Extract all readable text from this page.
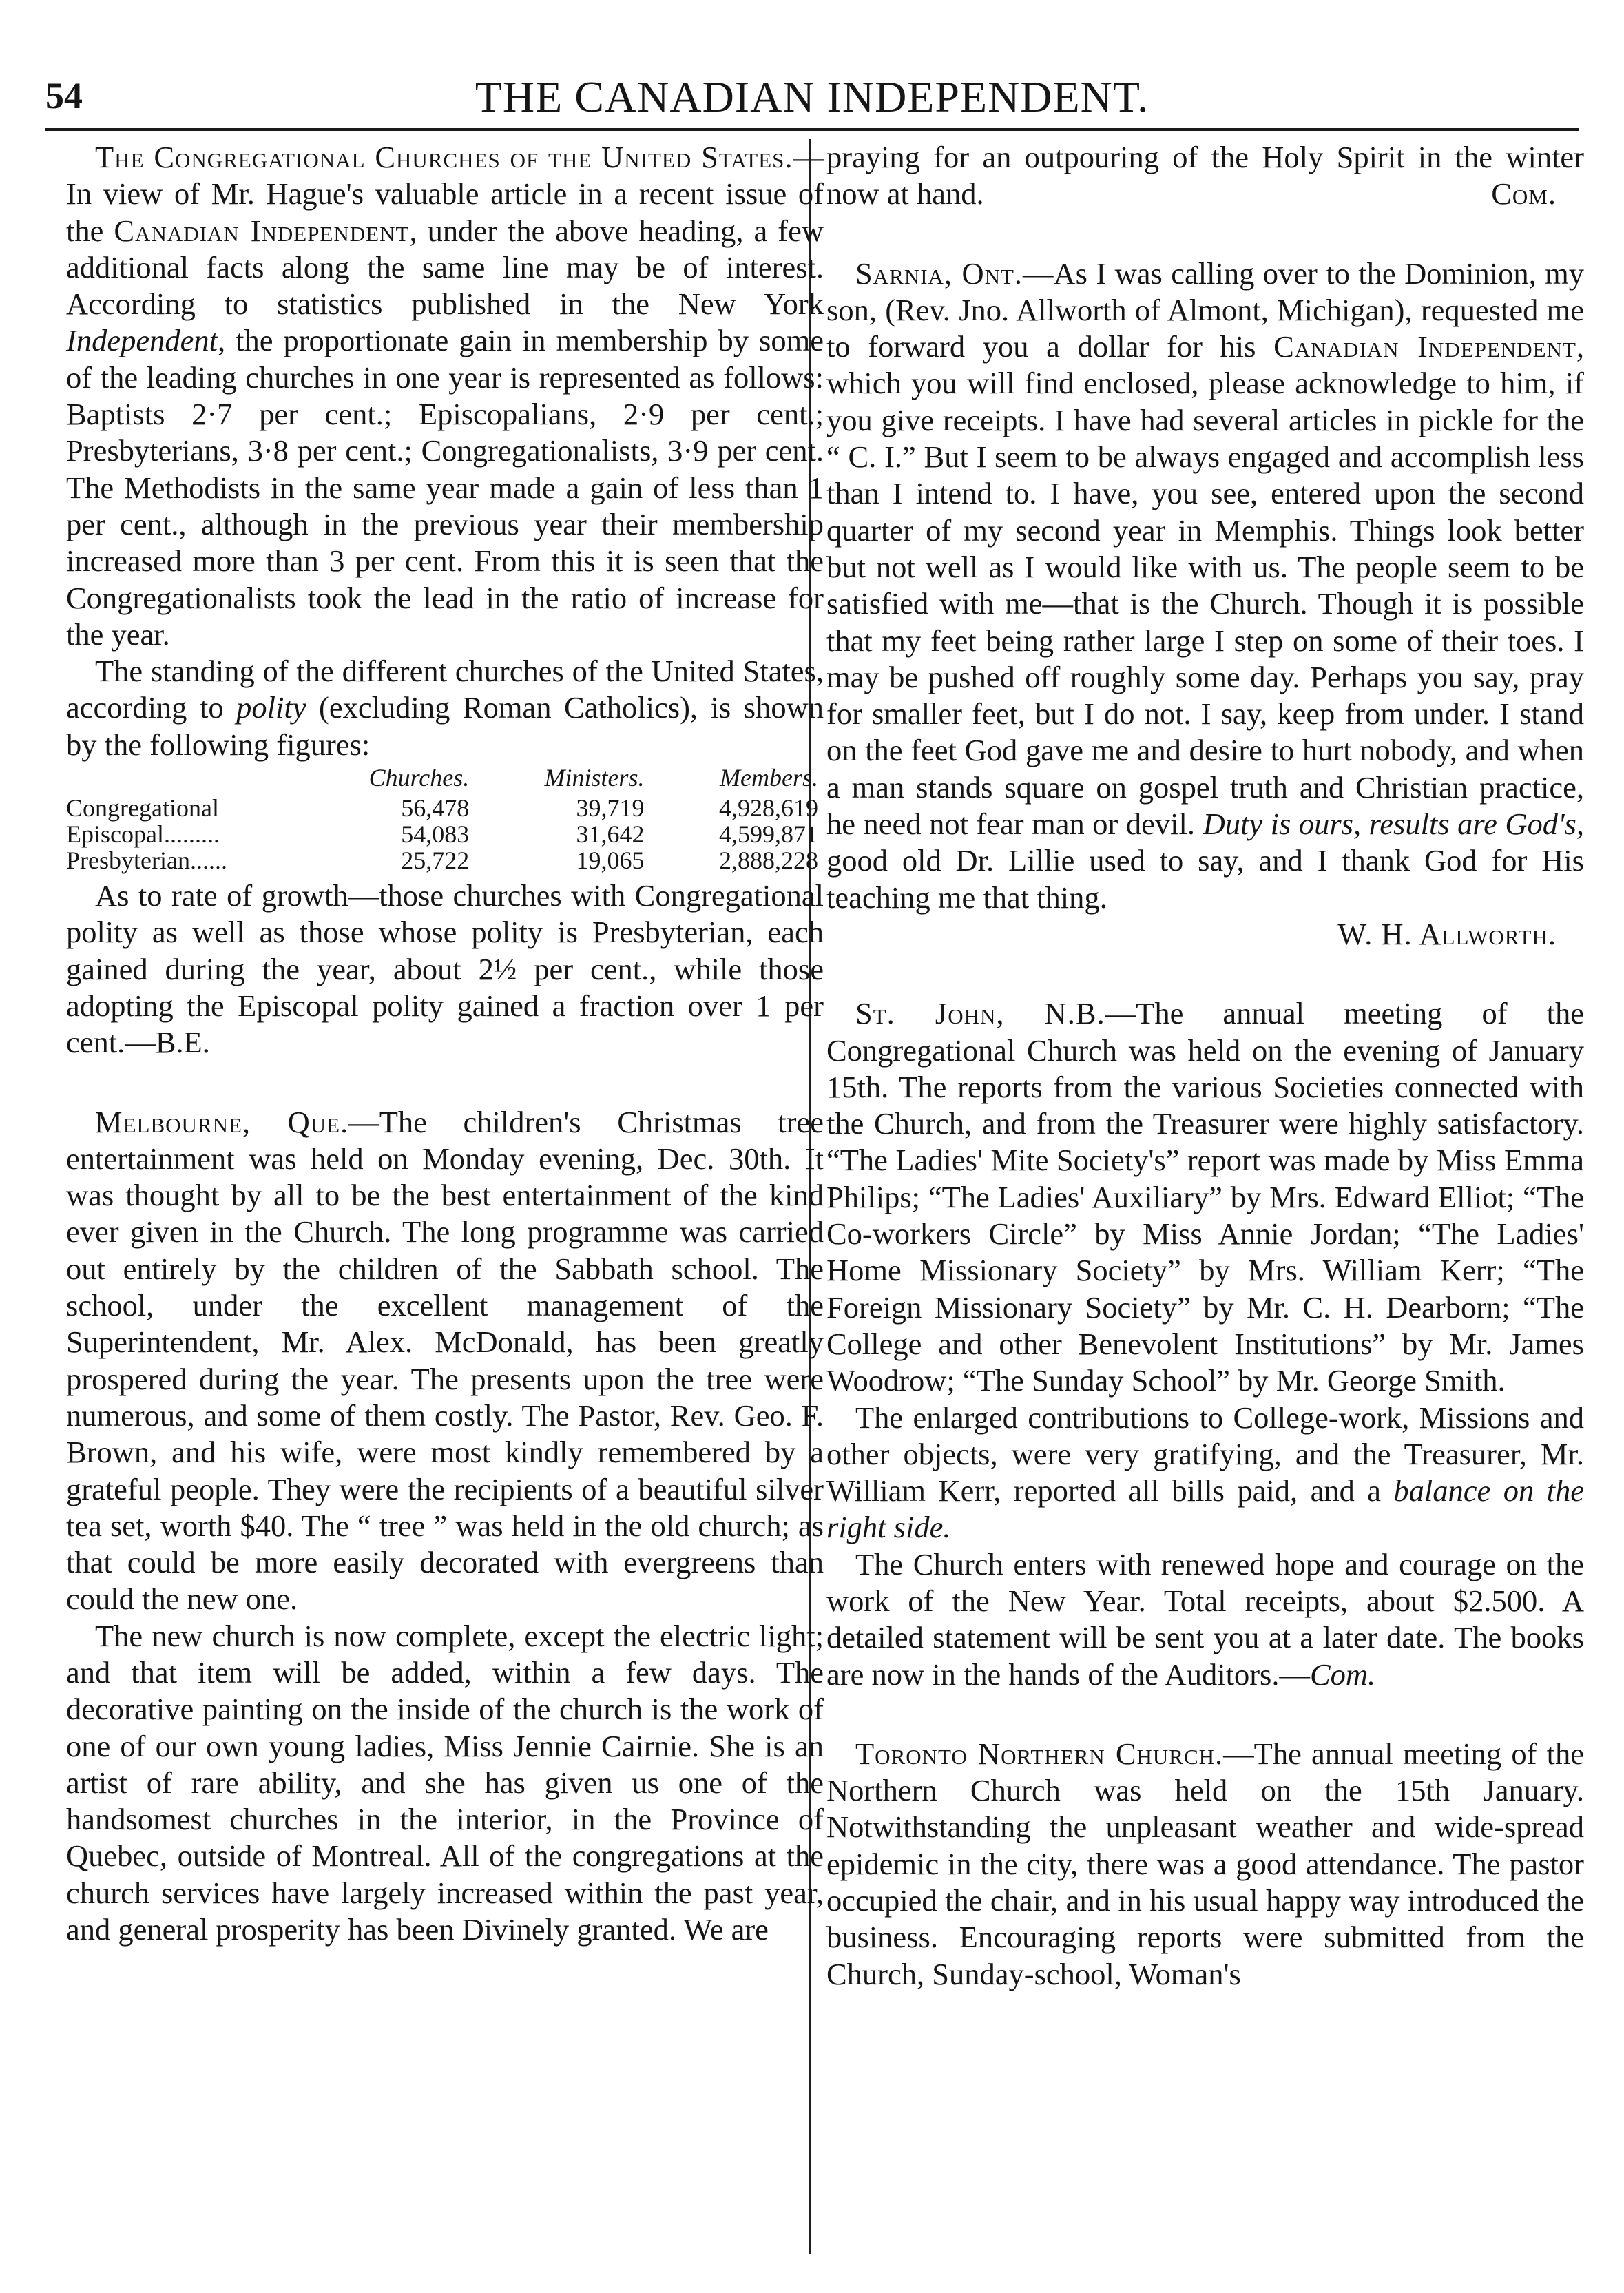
54	THE CANADIAN INDEPENDENT.

The Congregational Churches of the United States.—In view of Mr. Hague's valuable article in a recent issue of the Canadian Independent, under the above heading, a few additional facts along the same line may be of interest. According to statistics published in the New York Independent, the proportionate gain in membership by some of the leading churches in one year is represented as follows: Baptists 2·7 per cent.; Episcopalians, 2·9 per cent.; Presbyterians, 3·8 per cent.; Congregationalists, 3·9 per cent. The Methodists in the same year made a gain of less than 1 per cent., although in the previous year their membership increased more than 3 per cent. From this it is seen that the Congregationalists took the lead in the ratio of increase for the year.

The standing of the different churches of the United States, according to polity (excluding Roman Catholics), is shown by the following figures:

	Churches.	Ministers.	Members.
Congregational	56,478	39,719	4,928,619
Episcopal.........	54,083	31,642	4,599,871
Presbyterian......	25,722	19,065	2,888,228

As to rate of growth—those churches with Congregational polity as well as those whose polity is Presbyterian, each gained during the year, about 2½ per cent., while those adopting the Episcopal polity gained a fraction over 1 per cent.—B.E.

Melbourne, Que.—The children's Christmas tree entertainment was held on Monday evening, Dec. 30th. It was thought by all to be the best entertainment of the kind ever given in the Church. The long programme was carried out entirely by the children of the Sabbath school. The school, under the excellent management of the Superintendent, Mr. Alex. McDonald, has been greatly prospered during the year. The presents upon the tree were numerous, and some of them costly. The Pastor, Rev. Geo. F. Brown, and his wife, were most kindly remembered by a grateful people. They were the recipients of a beautiful silver tea set, worth $40. The “ tree ” was held in the old church; as that could be more easily decorated with evergreens than could the new one.

The new church is now complete, except the electric light; and that item will be added, within a few days. The decorative painting on the inside of the church is the work of one of our own young ladies, Miss Jennie Cairnie. She is an artist of rare ability, and she has given us one of the handsomest churches in the interior, in the Province of Quebec, outside of Montreal. All of the congregations at the church services have largely increased within the past year, and general prosperity has been Divinely granted. We are

praying for an outpouring of the Holy Spirit in the winter now at hand.	Com.

Sarnia, Ont.—As I was calling over to the Dominion, my son, (Rev. Jno. Allworth of Almont, Michigan), requested me to forward you a dollar for his Canadian Independent, which you will find enclosed, please acknowledge to him, if you give receipts. I have had several articles in pickle for the “ C. I.” But I seem to be always engaged and accomplish less than I intend to. I have, you see, entered upon the second quarter of my second year in Memphis. Things look better but not well as I would like with us. The people seem to be satisfied with me—that is the Church. Though it is possible that my feet being rather large I step on some of their toes. I may be pushed off roughly some day. Perhaps you say, pray for smaller feet, but I do not. I say, keep from under. I stand on the feet God gave me and desire to hurt nobody, and when a man stands square on gospel truth and Christian practice, he need not fear man or devil. Duty is ours, results are God's, good old Dr. Lillie used to say, and I thank God for His teaching me that thing.

W. H. Allworth.

St. John, N.B.—The annual meeting of the Congregational Church was held on the evening of January 15th. The reports from the various Societies connected with the Church, and from the Treasurer were highly satisfactory. “The Ladies' Mite Society's” report was made by Miss Emma Philips; “The Ladies' Auxiliary” by Mrs. Edward Elliot; “The Co-workers Circle” by Miss Annie Jordan; “The Ladies' Home Missionary Society” by Mrs. William Kerr; “The Foreign Missionary Society” by Mr. C. H. Dearborn; “The College and other Benevolent Institutions” by Mr. James Woodrow; “The Sunday School” by Mr. George Smith.

The enlarged contributions to College-work, Missions and other objects, were very gratifying, and the Treasurer, Mr. William Kerr, reported all bills paid, and a balance on the right side.

The Church enters with renewed hope and courage on the work of the New Year. Total receipts, about $2.500. A detailed statement will be sent you at a later date. The books are now in the hands of the Auditors.—Com.

Toronto Northern Church.—The annual meeting of the Northern Church was held on the 15th January. Notwithstanding the unpleasant weather and wide-spread epidemic in the city, there was a good attendance. The pastor occupied the chair, and in his usual happy way introduced the business. Encouraging reports were submitted from the Church, Sunday-school, Woman's
